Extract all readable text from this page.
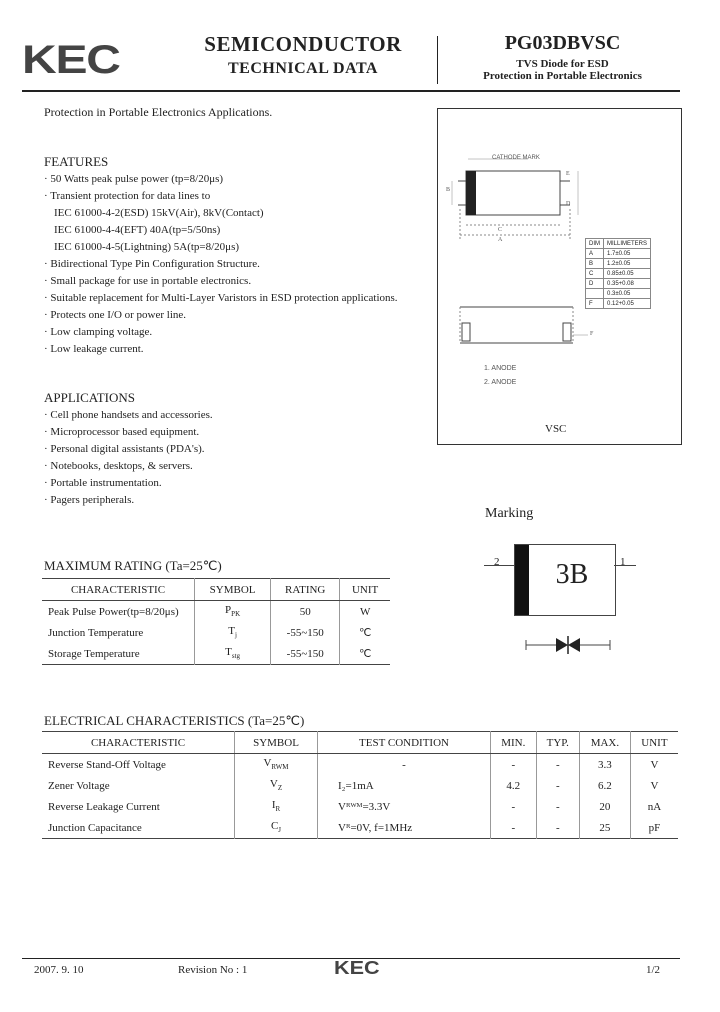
KEC	SEMICONDUCTOR
TECHNICAL DATA
PG03DBVSC
TVS Diode for ESD
Protection in Portable Electronics
Protection in Portable Electronics Applications.
FEATURES
· 50 Watts peak pulse power (tp=8/20μs)
· Transient protection for data lines to
IEC 61000-4-2(ESD) 15kV(Air), 8kV(Contact)
IEC 61000-4-4(EFT) 40A(tp=5/50ns)
IEC 61000-4-5(Lightning) 5A(tp=8/20μs)
· Bidirectional Type Pin Configuration Structure.
· Small package for use in portable electronics.
· Suitable replacement for Multi-Layer Varistors in ESD protection applications.
· Protects one I/O or power line.
· Low clamping voltage.
· Low leakage current.
APPLICATIONS
· Cell phone handsets and accessories.
· Microprocessor based equipment.
· Personal digital assistants (PDA's).
· Notebooks, desktops, & servers.
· Portable instrumentation.
· Pagers peripherals.
CATHODE MARK
B
E
D
C
A
F
DIM	MILLIMETERS
A	1.7±0.05
B	1.2±0.05
C	0.85±0.05
D	0.35+0.08
	0.3±0.05
F	0.12+0.05
1. ANODE
2. ANODE
VSC
Marking
3B
2	1
MAXIMUM RATING (Ta=25℃)
CHARACTERISTIC	SYMBOL	RATING	UNIT
Peak Pulse Power(tp=8/20μs)	$P_{PK}$	50	W
Junction Temperature	$T_j$	-55~150	℃
Storage Temperature	$T_{stg}$	-55~150	℃
ELECTRICAL CHARACTERISTICS (Ta=25℃)
CHARACTERISTIC	SYMBOL	TEST CONDITION	MIN.	TYP.	MAX.	UNIT
Reverse Stand-Off Voltage	$V_{RWM}$	-	-	-	3.3	V
Zener Voltage	$V_Z$	I₂=1mA	4.2	-	6.2	V
Reverse Leakage Current	$I_R$	Vᴿᵂᴹ=3.3V	-	-	20	nA
Junction Capacitance	$C_J$	Vᴿ=0V, f=1MHz	-	-	25	pF
2007. 9. 10	Revision No : 1	KEC	1/2
